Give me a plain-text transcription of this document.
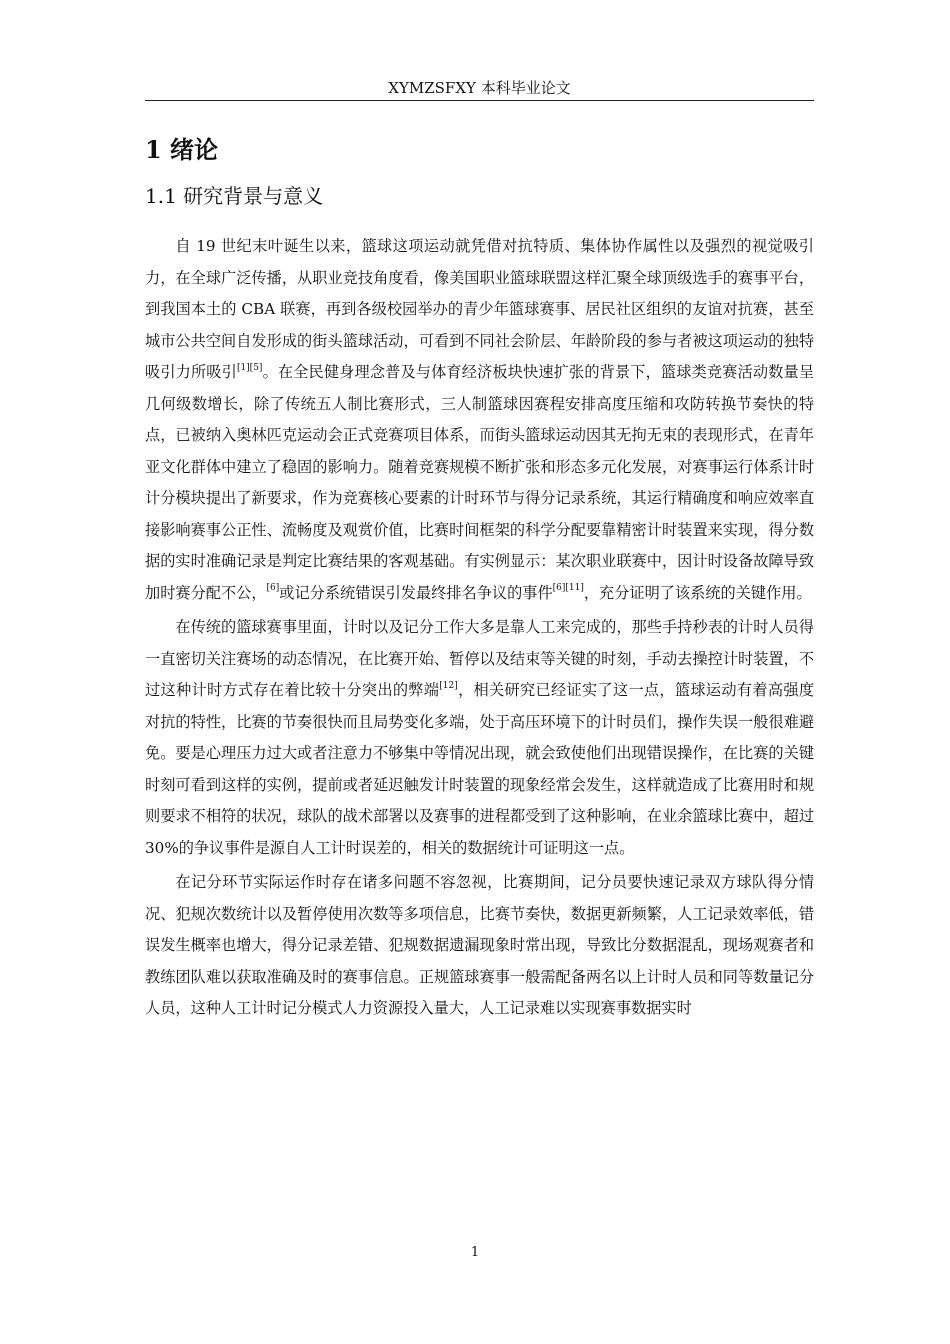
XYMZSFXY 本科毕业论文
1 绪论
1.1 研究背景与意义

自 19 世纪末叶诞生以来，篮球这项运动就凭借对抗特质、集体协作属性以及强烈的视觉吸引力，在全球广泛传播，从职业竞技角度看，像美国职业篮球联盟这样汇聚全球顶级选手的赛事平台，到我国本土的 CBA 联赛，再到各级校园举办的青少年篮球赛事、居民社区组织的友谊对抗赛，甚至城市公共空间自发形成的街头篮球活动，可看到不同社会阶层、年龄阶段的参与者被这项运动的独特吸引力所吸引[1][5]。在全民健身理念普及与体育经济板块快速扩张的背景下，篮球类竞赛活动数量呈几何级数增长，除了传统五人制比赛形式，三人制篮球因赛程安排高度压缩和攻防转换节奏快的特点，已被纳入奥林匹克运动会正式竞赛项目体系，而街头篮球运动因其无拘无束的表现形式，在青年亚文化群体中建立了稳固的影响力。随着竞赛规模不断扩张和形态多元化发展，对赛事运行体系计时计分模块提出了新要求，作为竞赛核心要素的计时环节与得分记录系统，其运行精确度和响应效率直接影响赛事公正性、流畅度及观赏价值，比赛时间框架的科学分配要靠精密计时装置来实现，得分数据的实时准确记录是判定比赛结果的客观基础。有实例显示：某次职业联赛中，因计时设备故障导致加时赛分配不公，[6]或记分系统错误引发最终排名争议的事件[6][11]，充分证明了该系统的关键作用。

在传统的篮球赛事里面，计时以及记分工作大多是靠人工来完成的，那些手持秒表的计时人员得一直密切关注赛场的动态情况，在比赛开始、暂停以及结束等关键的时刻，手动去操控计时装置，不过这种计时方式存在着比较十分突出的弊端[12]，相关研究已经证实了这一点，篮球运动有着高强度对抗的特性，比赛的节奏很快而且局势变化多端，处于高压环境下的计时员们，操作失误一般很难避免。要是心理压力过大或者注意力不够集中等情况出现，就会致使他们出现错误操作，在比赛的关键时刻可看到这样的实例，提前或者延迟触发计时装置的现象经常会发生，这样就造成了比赛用时和规则要求不相符的状况，球队的战术部署以及赛事的进程都受到了这种影响，在业余篮球比赛中，超过 30%的争议事件是源自人工计时误差的，相关的数据统计可证明这一点。

在记分环节实际运作时存在诸多问题不容忽视，比赛期间，记分员要快速记录双方球队得分情况、犯规次数统计以及暂停使用次数等多项信息，比赛节奏快，数据更新频繁，人工记录效率低，错误发生概率也增大，得分记录差错、犯规数据遗漏现象时常出现，导致比分数据混乱，现场观赛者和教练团队难以获取准确及时的赛事信息。正规篮球赛事一般需配备两名以上计时人员和同等数量记分人员，这种人工计时记分模式人力资源投入量大，人工记录难以实现赛事数据实时

1
